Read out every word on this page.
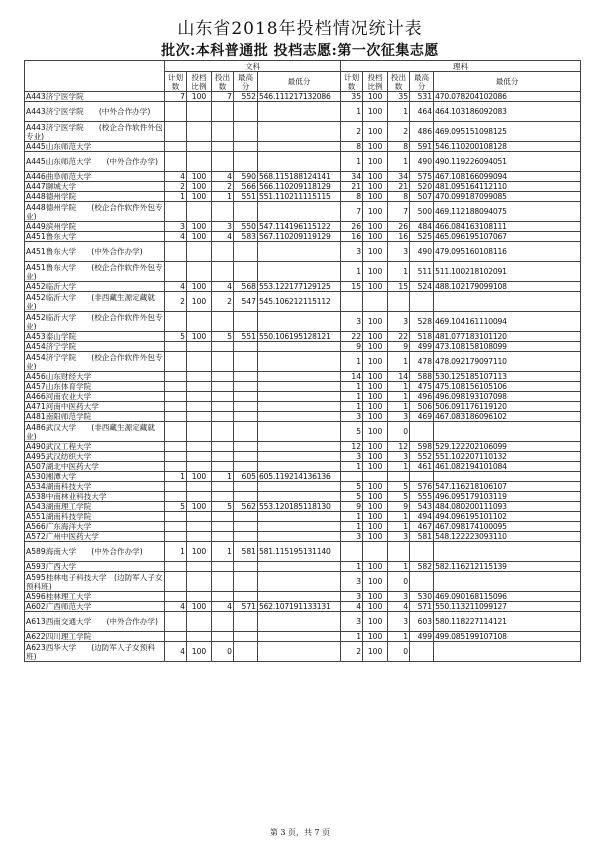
山东省2018年投档情况统计表
批次:本科普通批 投档志愿:第一次征集志愿
	文科					理科				
	计划数	投档比例	投出数	最高分	最低分	计划数	投档比例	投出数	最高分	最低分
A443济宁医学院	7	100	7	552	546.111217132086	35	100	35	531	470.078204102086
A443济宁医学院　　(中外合作办学)						1	100	1	464	464.103186092083
A443济宁医学院　　(校企合作软件外包专业)						2	100	2	486	469.095151098125
A445山东师范大学						8	100	8	591	546.110200108128
A445山东师范大学　　(中外合作办学)						1	100	1	490	490.119226094051
A446曲阜师范大学	4	100	4	590	568.115188124141	34	100	34	575	467.108166099094
A447聊城大学	2	100	2	566	566.110209118129	21	100	21	520	481.095164112110
A448德州学院	1	100	1	551	551.110211115115	8	100	8	507	470.099187099085
A448德州学院　　(校企合作软件外包专业)						7	100	7	500	469.112188094075
A449滨州学院	3	100	3	550	547.114196115122	26	100	26	484	466.084163108111
A451鲁东大学	4	100	4	583	567.110209119129	16	100	16	525	465.096195107067
A451鲁东大学　　(中外合作办学)						3	100	3	490	479.095160108116
A451鲁东大学　　(校企合作软件外包专业)						1	100	1	511	511.100218102091
A452临沂大学	4	100	4	568	553.122177129125	15	100	15	524	488.102179099108
A452临沂大学　　(非西藏生源定藏就业)	2	100	2	547	545.106212115112					
A452临沂大学　　(校企合作软件外包专业)						3	100	3	528	469.104161110094
A453泰山学院	5	100	5	551	550.106195128121	22	100	22	518	481.077183101120
A454济宁学院						9	100	9	499	473.108158108099
A454济宁学院　　(校企合作软件外包专业)						1	100	1	478	478.092179097110
A456山东财经大学						14	100	14	588	530.125185107113
A457山东体育学院						1	100	1	475	475.108156105106
A466河南农业大学						1	100	1	496	496.098193107098
A471河南中医药大学						1	100	1	506	506.091176119120
A481南阳师范学院						3	100	3	469	467.083186096102
A486武汉大学　　(非西藏生源定藏就业)						5	100	0		
A490武汉工程大学						12	100	12	598	529.122202106099
A495武汉纺织大学						3	100	3	552	551.102207110132
A507湖北中医药大学						1	100	1	461	461.082194101084
A530湘潭大学	1	100	1	605	605.119214136136					
A534湖南科技大学						5	100	5	576	547.116218106107
A538中南林业科技大学						5	100	5	555	496.095179103119
A543湖南理工学院	5	100	5	562	553.120185118130	9	100	9	543	484.080200111093
A551湖南科技学院						1	100	1	494	494.096195101102
A566广东海洋大学						1	100	1	467	467.098174100095
A572广州中医药大学						3	100	3	581	548.122223093110
A589海南大学　　(中外合作办学)	1	100	1	581	581.115195131140					
A593广西大学						1	100	1	582	582.116212115139
A595桂林电子科技大学　(边防军人子女预科班)						3	100	0		
A596桂林理工大学						3	100	3	530	469.090168115096
A602广西师范大学	4	100	4	571	562.107191133131	4	100	4	571	550.113211099127
A613西南交通大学　　(中外合作办学)						3	100	3	603	580.118227114121
A622四川理工学院						1	100	1	499	499.085199107108
A623西华大学　　(边防军人子女预科班)	4	100	0			2	100	0		
第 3 页，共 7 页
